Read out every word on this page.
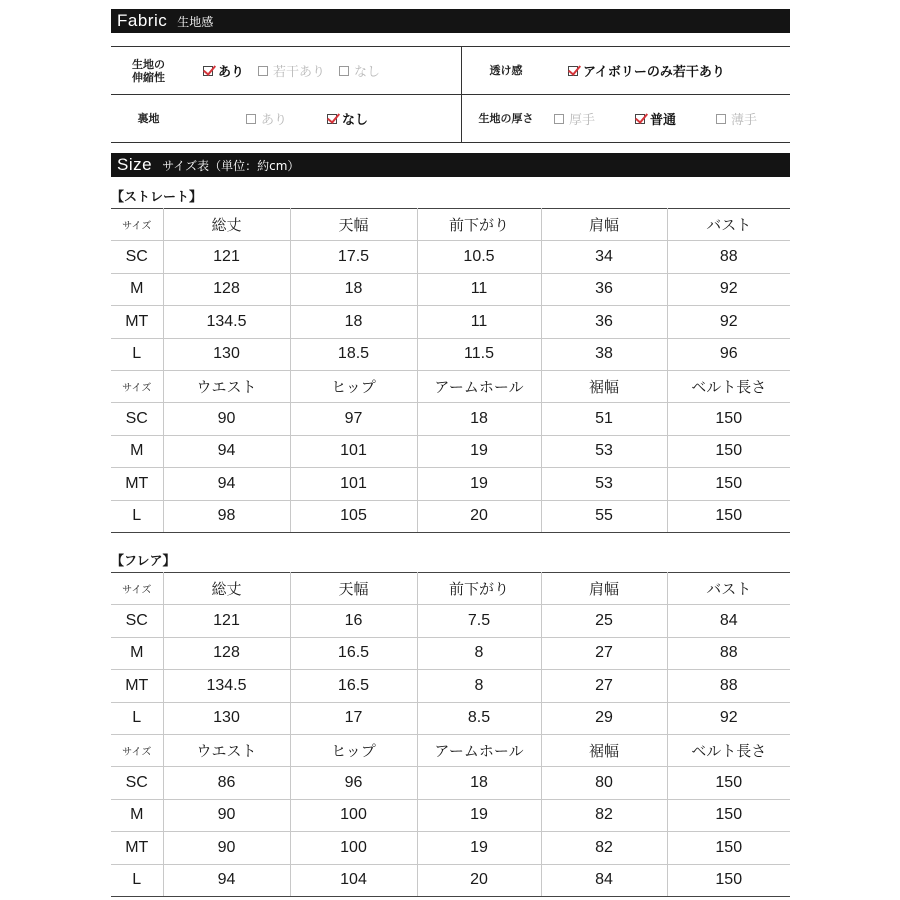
Fabric 生地感
生地の
伸縮性	あり 若干あり なし	透け感	アイボリーのみ若干あり
裏地	あり	なし	生地の厚さ	厚手	普通	薄手
Size サイズ表（単位：約cm）
【ストレート】
サイズ	総丈	天幅	前下がり	肩幅	バスト
SC	121	17.5	10.5	34	88
M	128	18	11	36	92
MT	134.5	18	11	36	92
L	130	18.5	11.5	38	96
サイズ	ウエスト	ヒップ	アームホール	裾幅	ベルト長さ
SC	90	97	18	51	150
M	94	101	19	53	150
MT	94	101	19	53	150
L	98	105	20	55	150
【フレア】
サイズ	総丈	天幅	前下がり	肩幅	バスト
SC	121	16	7.5	25	84
M	128	16.5	8	27	88
MT	134.5	16.5	8	27	88
L	130	17	8.5	29	92
サイズ	ウエスト	ヒップ	アームホール	裾幅	ベルト長さ
SC	86	96	18	80	150
M	90	100	19	82	150
MT	90	100	19	82	150
L	94	104	20	84	150
